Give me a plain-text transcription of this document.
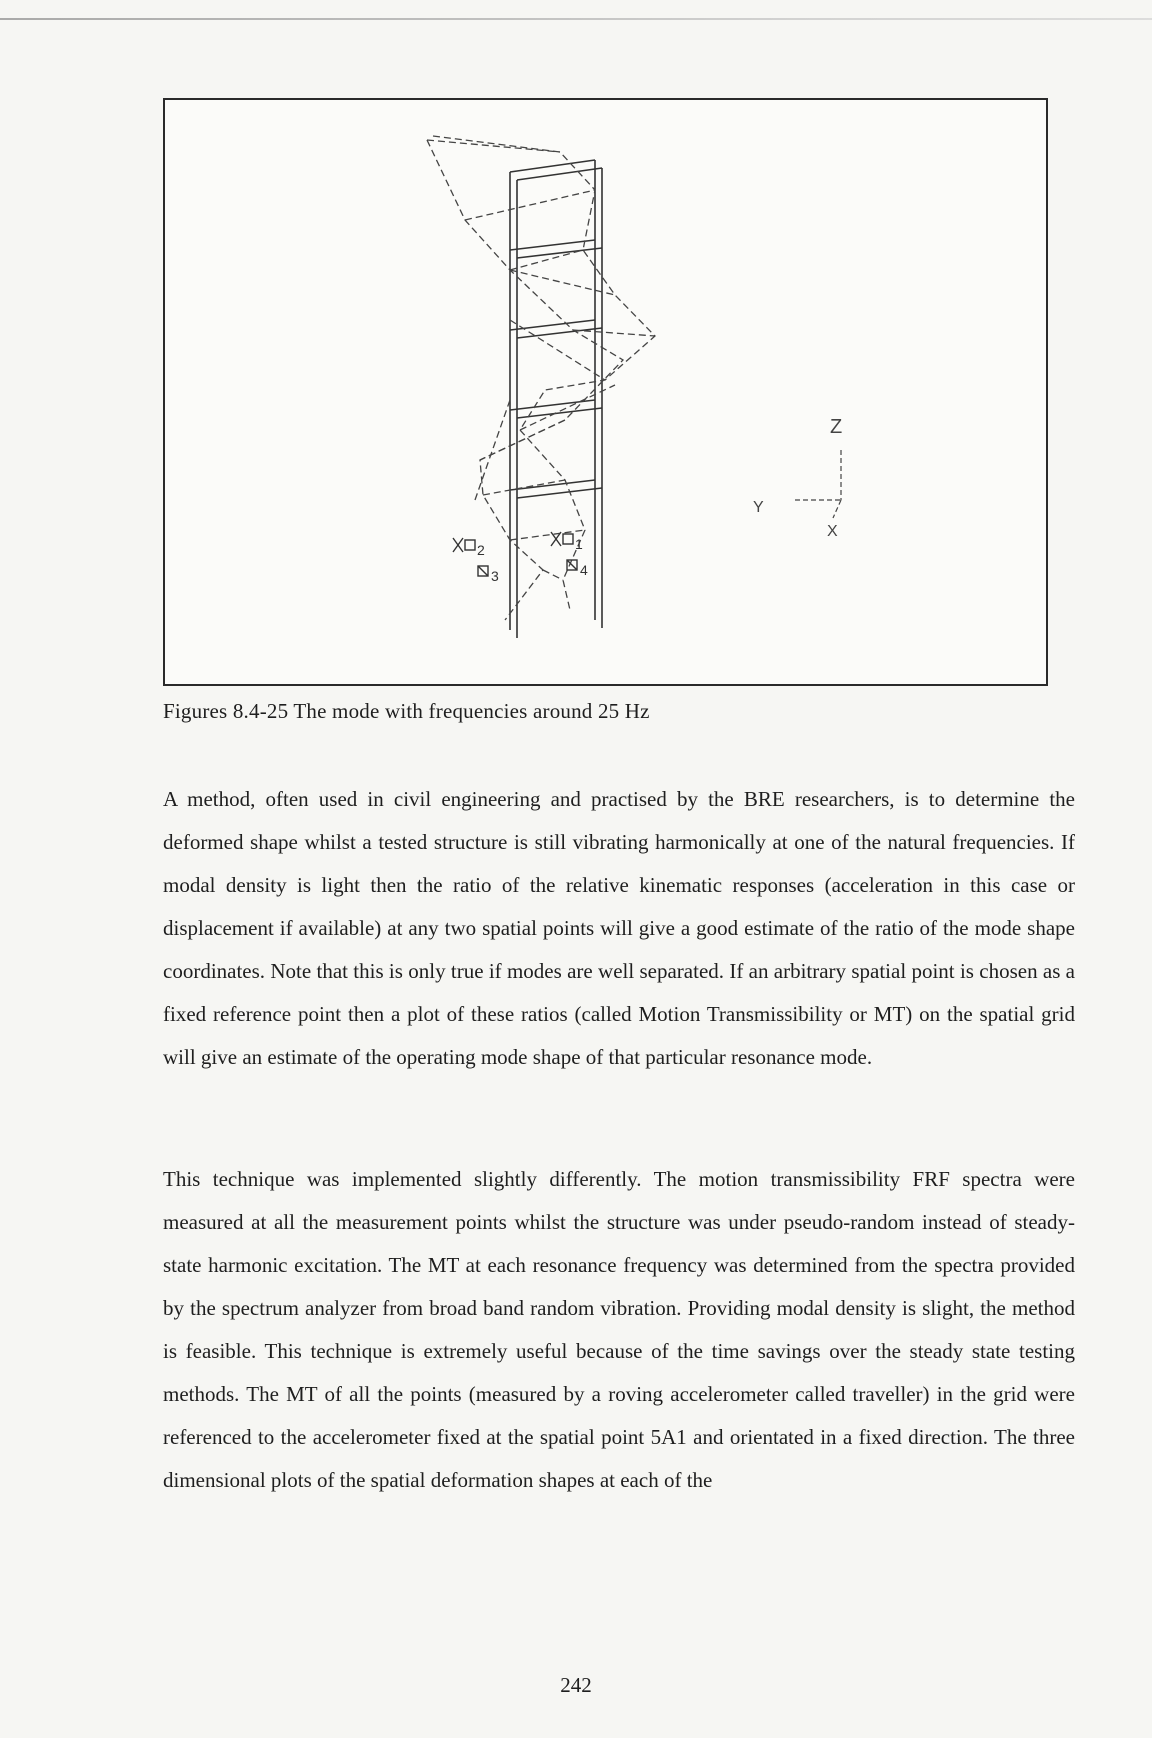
2	1
3	4
Z
Y
X
Figures 8.4-25 The mode with frequencies around 25 Hz

A method, often used in civil engineering and practised by the BRE researchers, is to determine the deformed shape whilst a tested structure is still vibrating harmonically at one of the natural frequencies. If modal density is light then the ratio of the relative kinematic responses (acceleration in this case or displacement if available) at any two spatial points will give a good estimate of the ratio of the mode shape coordinates. Note that this is only true if modes are well separated. If an arbitrary spatial point is chosen as a fixed reference point then a plot of these ratios (called Motion Transmissibility or MT) on the spatial grid will give an estimate of the operating mode shape of that particular resonance mode.

This technique was implemented slightly differently. The motion transmissibility FRF spectra were measured at all the measurement points whilst the structure was under pseudo-random instead of steady-state harmonic excitation. The MT at each resonance frequency was determined from the spectra provided by the spectrum analyzer from broad band random vibration. Providing modal density is slight, the method is feasible. This technique is extremely useful because of the time savings over the steady state testing methods. The MT of all the points (measured by a roving accelerometer called traveller) in the grid were referenced to the accelerometer fixed at the spatial point 5A1 and orientated in a fixed direction. The three dimensional plots of the spatial deformation shapes at each of the

242
